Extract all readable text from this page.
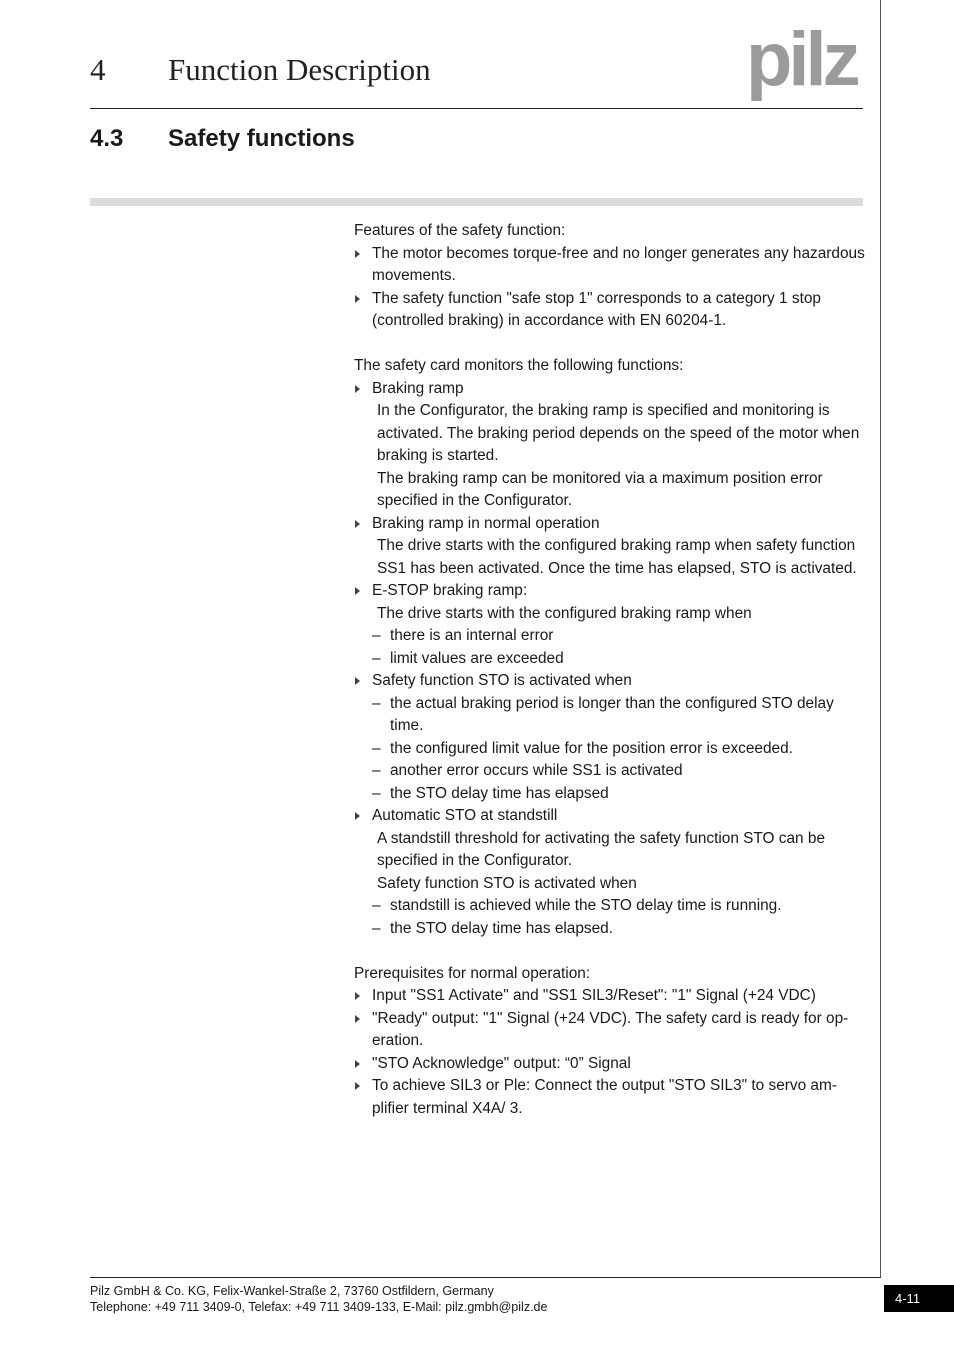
4 Function Description	pilz
4.3 Safety functions

Features of the safety function:

The motor becomes torque-free and no longer generates any hazardous movements.
The safety function "safe stop 1" corresponds to a category 1 stop (controlled braking) in accordance with EN 60204-1.

The safety card monitors the following functions:

Braking ramp

In the Configurator, the braking ramp is specified and monitoring is activated. The braking period depends on the speed of the motor when braking is started.

The braking ramp can be monitored via a maximum position error specified in the Configurator.

Braking ramp in normal operation

The drive starts with the configured braking ramp when safety function SS1 has been activated. Once the time has elapsed, STO is activated.

E-STOP braking ramp:

The drive starts with the configured braking ramp when

– there is an internal error
– limit values are exceeded
Safety function STO is activated when
– the actual braking period is longer than the configured STO delay time.
– the configured limit value for the position error is exceeded.
– another error occurs while SS1 is activated
– the STO delay time has elapsed
Automatic STO at standstill

A standstill threshold for activating the safety function STO can be specified in the Configurator.

Safety function STO is activated when

– standstill is achieved while the STO delay time is running.
– the STO delay time has elapsed.

Prerequisites for normal operation:

Input "SS1 Activate" and "SS1 SIL3/Reset": "1" Signal (+24 VDC)
"Ready" output: "1" Signal (+24 VDC). The safety card is ready for operation.
"STO Acknowledge" output: “0” Signal
To achieve SIL3 or Ple: Connect the output "STO SIL3" to servo amplifier terminal X4A/ 3.
Pilz GmbH & Co. KG, Felix-Wankel-Straße 2, 73760 Ostfildern, Germany
Telephone: +49 711 3409-0, Telefax: +49 711 3409-133, E-Mail: pilz.gmbh@pilz.de
4-11
